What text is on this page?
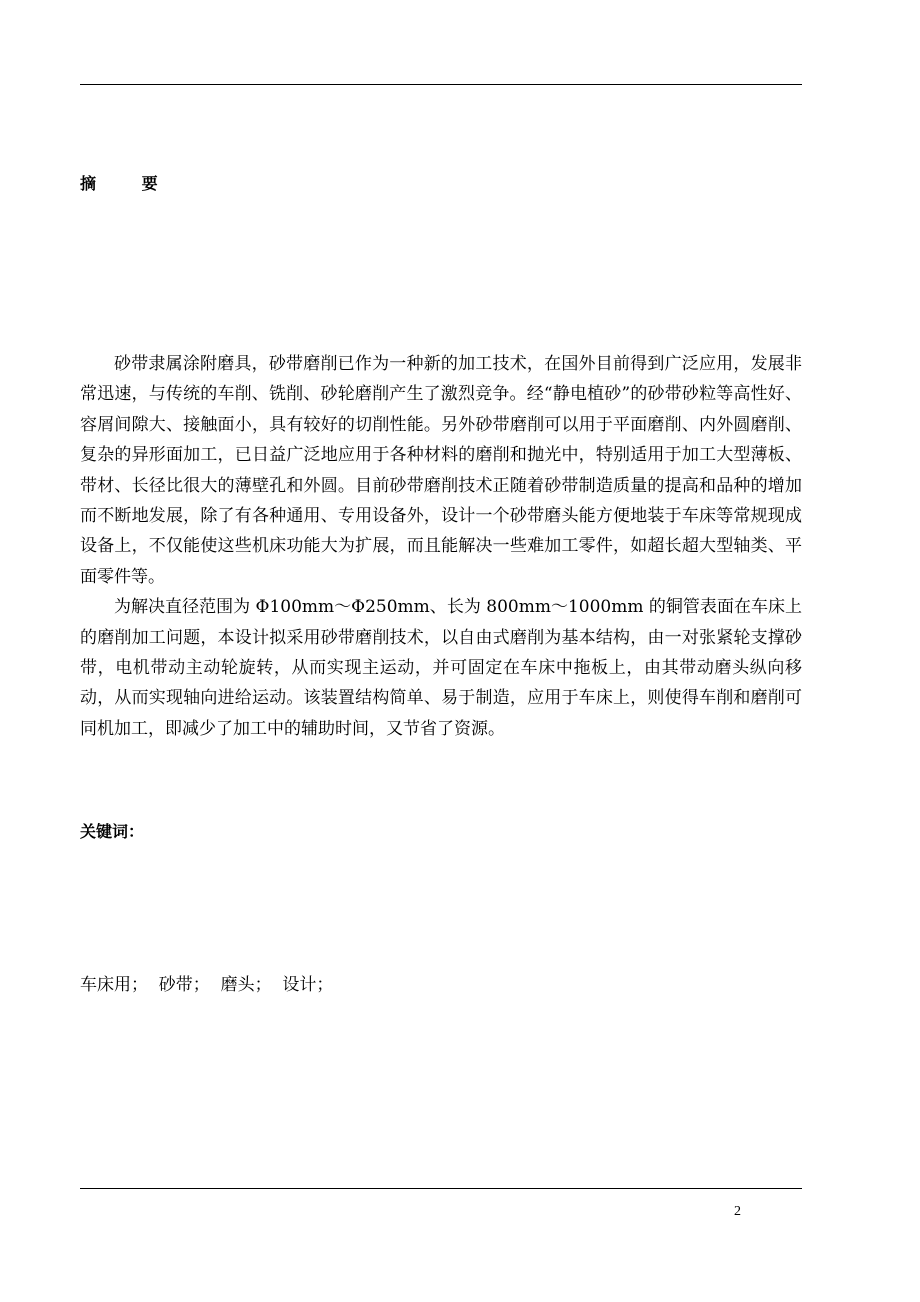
摘 要

砂带隶属涂附磨具，砂带磨削已作为一种新的加工技术，在国外目前得到广泛应用，发展非常迅速，与传统的车削、铣削、砂轮磨削产生了激烈竞争。经“静电植砂”的砂带砂粒等高性好、容屑间隙大、接触面小，具有较好的切削性能。另外砂带磨削可以用于平面磨削、内外圆磨削、复杂的异形面加工，已日益广泛地应用于各种材料的磨削和抛光中，特别适用于加工大型薄板、带材、长径比很大的薄壁孔和外圆。目前砂带磨削技术正随着砂带制造质量的提高和品种的增加而不断地发展，除了有各种通用、专用设备外，设计一个砂带磨头能方便地装于车床等常规现成设备上，不仅能使这些机床功能大为扩展，而且能解决一些难加工零件，如超长超大型轴类、平面零件等。

为解决直径范围为 Φ100mm～Φ250mm、长为 800mm～1000mm 的铜管表面在车床上的磨削加工问题，本设计拟采用砂带磨削技术，以自由式磨削为基本结构，由一对张紧轮支撑砂带，电机带动主动轮旋转，从而实现主运动，并可固定在车床中拖板上，由其带动磨头纵向移动，从而实现轴向进给运动。该装置结构简单、易于制造，应用于车床上，则使得车削和磨削可同机加工，即减少了加工中的辅助时间，又节省了资源。

关键词：
车床用；  砂带；  磨头；  设计；
2
